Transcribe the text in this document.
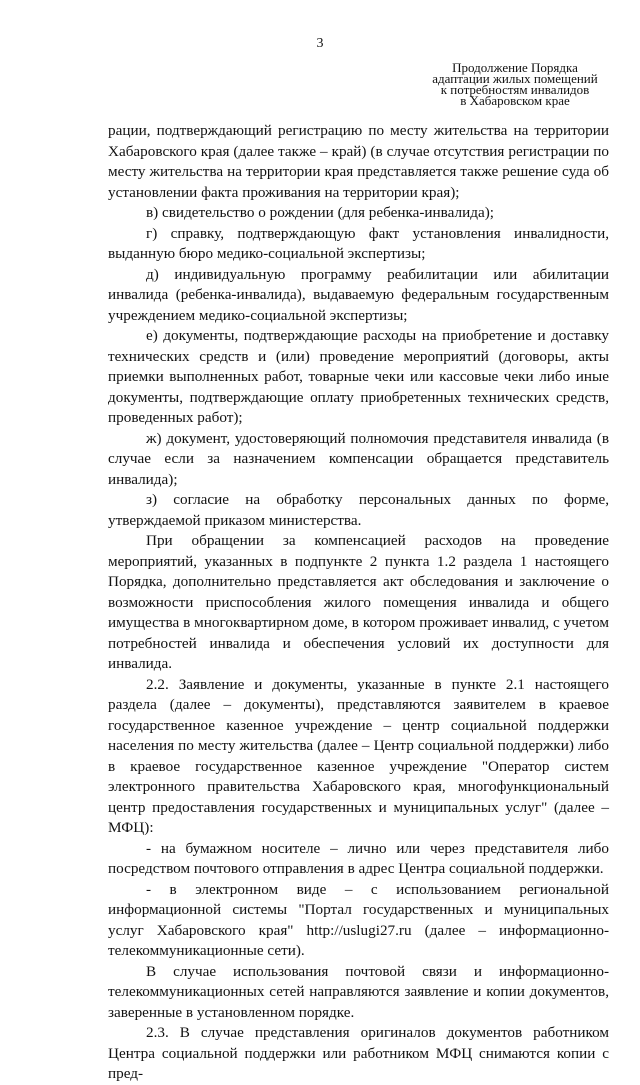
3
Продолжение Порядка
адаптации жилых помещений
к потребностям инвалидов
в Хабаровском крае

рации, подтверждающий регистрацию по месту жительства на территории Хабаровского края (далее также – край) (в случае отсутствия регистрации по месту жительства на территории края представляется также решение суда об установлении факта проживания на территории края);

в) свидетельство о рождении (для ребенка-инвалида);

г) справку, подтверждающую факт установления инвалидности, выданную бюро медико-социальной экспертизы;

д) индивидуальную программу реабилитации или абилитации инвалида (ребенка-инвалида), выдаваемую федеральным государственным учреждением медико-социальной экспертизы;

е) документы, подтверждающие расходы на приобретение и доставку технических средств и (или) проведение мероприятий (договоры, акты приемки выполненных работ, товарные чеки или кассовые чеки либо иные документы, подтверждающие оплату приобретенных технических средств, проведенных работ);

ж) документ, удостоверяющий полномочия представителя инвалида (в случае если за назначением компенсации обращается представитель инвалида);

з) согласие на обработку персональных данных по форме, утверждаемой приказом министерства.

При обращении за компенсацией расходов на проведение мероприятий, указанных в подпункте 2 пункта 1.2 раздела 1 настоящего Порядка, дополнительно представляется акт обследования и заключение о возможности приспособления жилого помещения инвалида и общего имущества в многоквартирном доме, в котором проживает инвалид, с учетом потребностей инвалида и обеспечения условий их доступности для инвалида.

2.2. Заявление и документы, указанные в пункте 2.1 настоящего раздела (далее – документы), представляются заявителем в краевое государственное казенное учреждение – центр социальной поддержки населения по месту жительства (далее – Центр социальной поддержки) либо в краевое государственное казенное учреждение "Оператор систем электронного правительства Хабаровского края, многофункциональный центр предоставления государственных и муниципальных услуг" (далее – МФЦ):

- на бумажном носителе – лично или через представителя либо посредством почтового отправления в адрес Центра социальной поддержки.

- в электронном виде – с использованием региональной информационной системы "Портал государственных и муниципальных услуг Хабаровского края" http://uslugi27.ru (далее – информационно-телекоммуникационные сети).

В случае использования почтовой связи и информационно-телекоммуникационных сетей направляются заявление и копии документов, заверенные в установленном порядке.

2.3. В случае представления оригиналов документов работником Центра социальной поддержки или работником МФЦ снимаются копии с пред-
